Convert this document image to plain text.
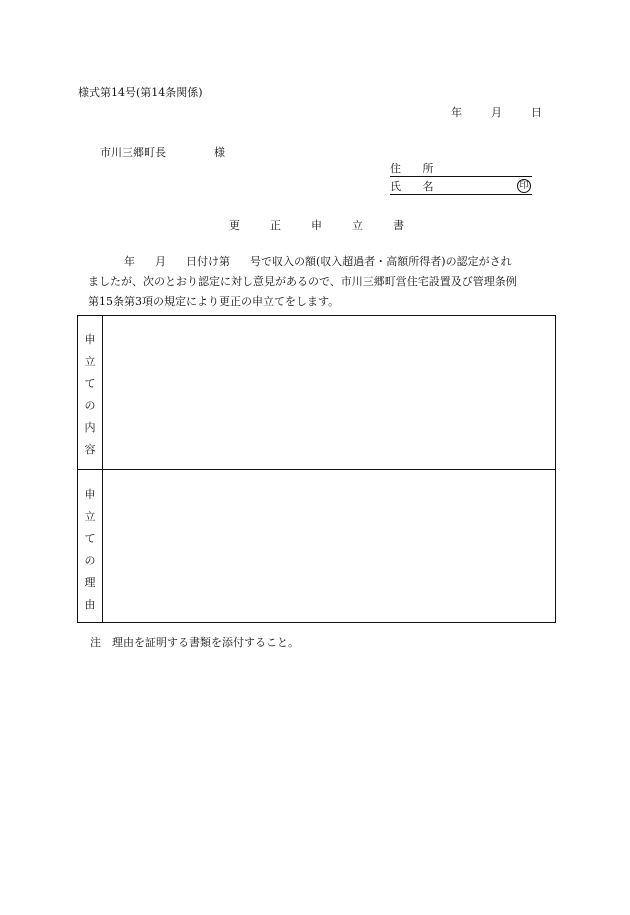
様式第14号(第14条関係)
年	月	日
市川三郷町長	様
住 所
氏 名	印
更	正	申	立	書
年 月 日付け第 号で収入の額(収入超過者・高額所得者)の認定がされ
ましたが、次のとおり認定に対し意見があるので、市川三郷町営住宅設置及び管理条例
第15条第3項の規定により更正の申立てをします。
申
立
て
の
内
容
申
立
て
の
理
由
注　理由を証明する書類を添付すること。
